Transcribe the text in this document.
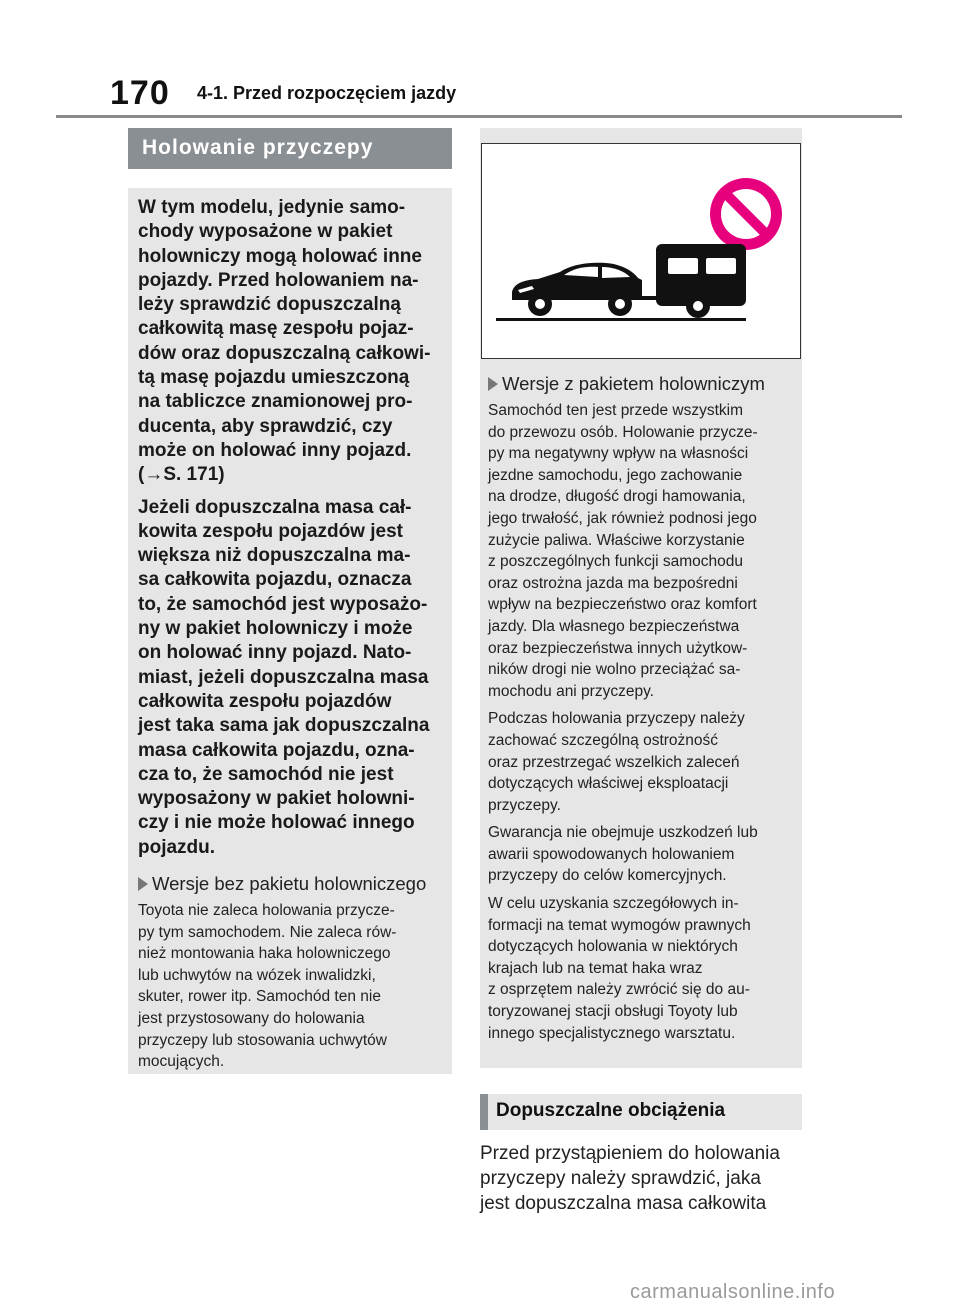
170 4-1. Przed rozpoczęciem jazdy
Holowanie przyczepy

W tym modelu, jedynie samo-
chody wyposażone w pakiet
holowniczy mogą holować inne
pojazdy. Przed holowaniem na-
leży sprawdzić dopuszczalną
całkowitą masę zespołu pojaz-
dów oraz dopuszczalną całkowi-
tą masę pojazdu umieszczoną
na tabliczce znamionowej pro-
ducenta, aby sprawdzić, czy
może on holować inny pojazd.
(→S. 171)

Jeżeli dopuszczalna masa cał-
kowita zespołu pojazdów jest
większa niż dopuszczalna ma-
sa całkowita pojazdu, oznacza
to, że samochód jest wyposażo-
ny w pakiet holowniczy i może
on holować inny pojazd. Nato-
miast, jeżeli dopuszczalna masa
całkowita zespołu pojazdów
jest taka sama jak dopuszczalna
masa całkowita pojazdu, ozna-
cza to, że samochód nie jest
wyposażony w pakiet holowni-
czy i nie może holować innego
pojazdu.

Wersje bez pakietu holowniczego

Toyota nie zaleca holowania przycze-
py tym samochodem. Nie zaleca rów-
nież montowania haka holowniczego
lub uchwytów na wózek inwalidzki,
skuter, rower itp. Samochód ten nie
jest przystosowany do holowania
przyczepy lub stosowania uchwytów
mocujących.

Wersje z pakietem holowniczym

Samochód ten jest przede wszystkim
do przewozu osób. Holowanie przycze-
py ma negatywny wpływ na własności
jezdne samochodu, jego zachowanie
na drodze, długość drogi hamowania,
jego trwałość, jak również podnosi jego
zużycie paliwa. Właściwe korzystanie
z poszczególnych funkcji samochodu
oraz ostrożna jazda ma bezpośredni
wpływ na bezpieczeństwo oraz komfort
jazdy. Dla własnego bezpieczeństwa
oraz bezpieczeństwa innych użytkow-
ników drogi nie wolno przeciążać sa-
mochodu ani przyczepy.

Podczas holowania przyczepy należy
zachować szczególną ostrożność
oraz przestrzegać wszelkich zaleceń
dotyczących właściwej eksploatacji
przyczepy.

Gwarancja nie obejmuje uszkodzeń lub
awarii spowodowanych holowaniem
przyczepy do celów komercyjnych.

W celu uzyskania szczegółowych in-
formacji na temat wymogów prawnych
dotyczących holowania w niektórych
krajach lub na temat haka wraz
z osprzętem należy zwrócić się do au-
toryzowanej stacji obsługi Toyoty lub
innego specjalistycznego warsztatu.

Dopuszczalne obciążenia

Przed przystąpieniem do holowania
przyczepy należy sprawdzić, jaka
jest dopuszczalna masa całkowita

carmanualsonline.info
